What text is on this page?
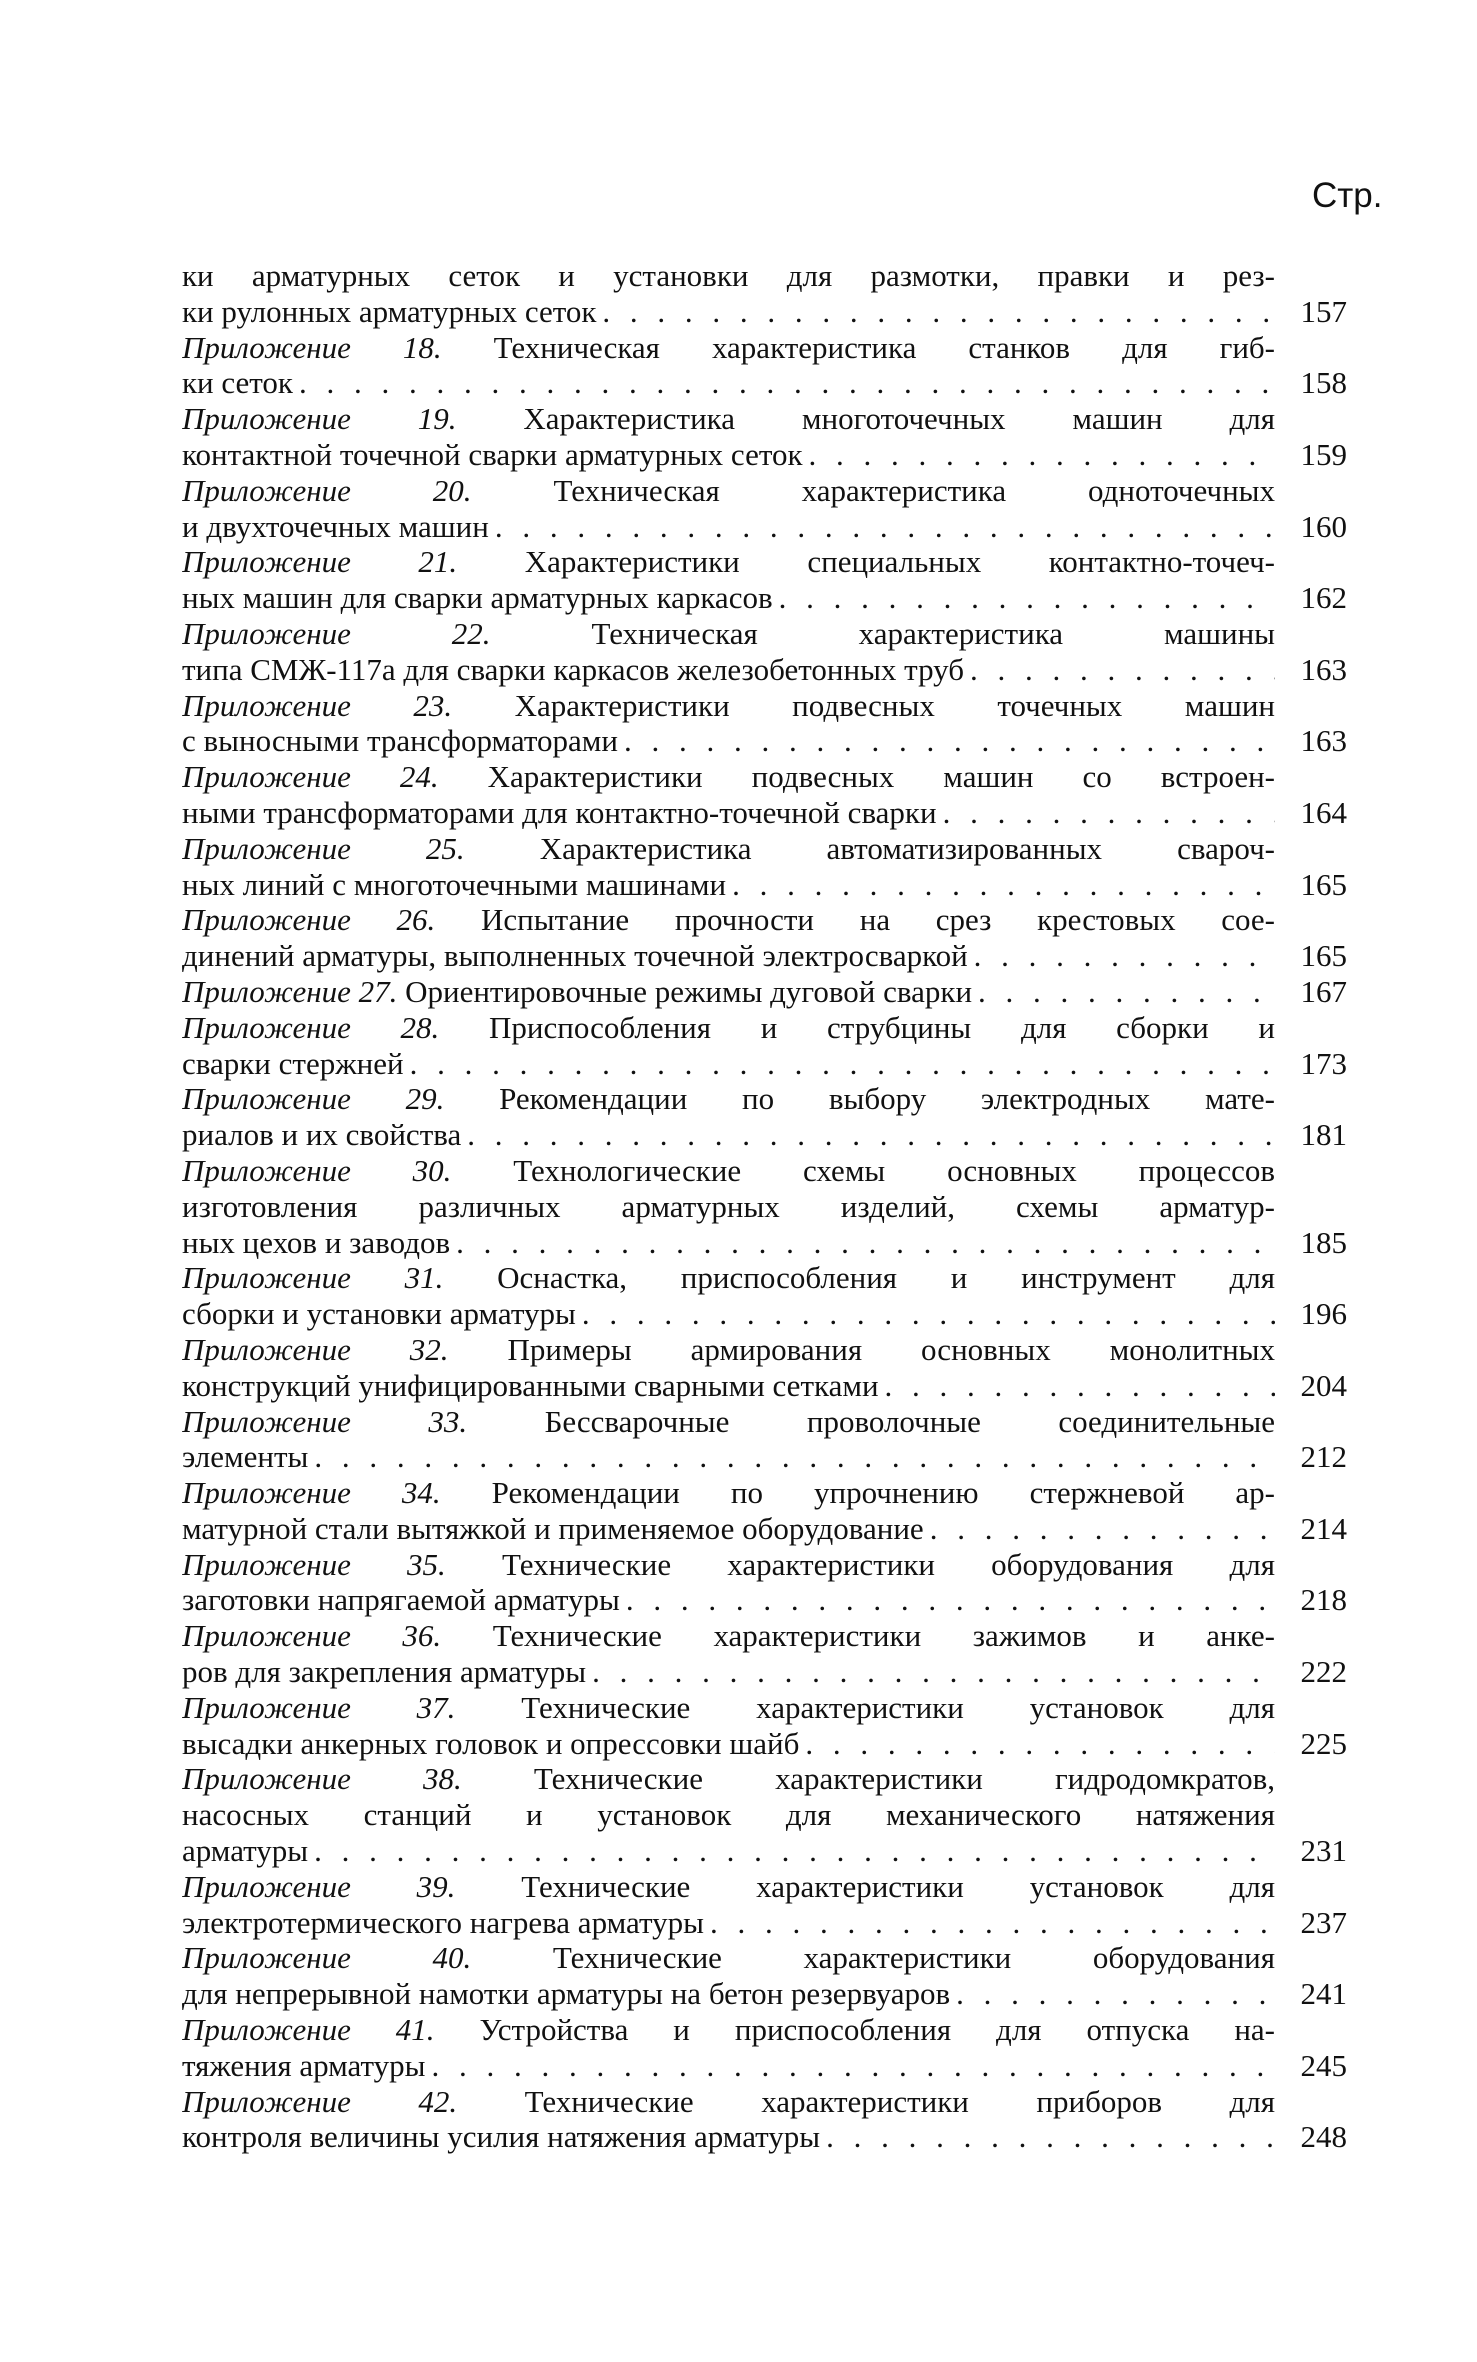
Стр.
ки арматурных сеток и установки для размотки, правки и рез-
ки рулонных арматурных сеток . . .	157
Приложение 18. Техническая характеристика станков для гиб-
ки сеток . . .	158
Приложение 19. Характеристика многоточечных машин для
контактной точечной сварки арматурных сеток . . .	159
Приложение 20.	Техническая характеристика одноточечных
и двухточечных машин . . .	160
Приложение 21. Характеристики специальных контактно-точеч-
ных машин для сварки арматурных каркасов . . .	162
Приложение 22.	Техническая характеристика машины
типа СМЖ-117а для сварки каркасов железобетонных труб . . .	163
Приложение 23. Характеристики подвесных точечных машин
с выносными трансформаторами . . .	163
Приложение 24. Характеристики подвесных машин со встроен-
ными трансформаторами для контактно-точечной сварки . . .	164
Приложение 25. Характеристика автоматизированных свароч-
ных линий с многоточечными машинами . . .	165
Приложение 26. Испытание прочности на срез крестовых сое-
динений арматуры, выполненных точечной электросваркой . . .	165
Приложение 27. Ориентировочные режимы дуговой сварки . . .	167
Приложение 28. Приспособления и струбцины для сборки и
сварки стержней . . .	173
Приложение 29. Рекомендации по выбору электродных мате-
риалов и их свойства . . .	181
Приложение 30. Технологические схемы основных процессов
изготовления различных арматурных изделий, схемы арматур-
ных цехов и заводов . . .	185
Приложение 31. Оснастка, приспособления и инструмент для
сборки и установки арматуры . . .	196
Приложение 32. Примеры армирования основных монолитных
конструкций унифицированными сварными сетками . . .	204
Приложение 33. Бессварочные проволочные соединительные
элементы . . .	212
Приложение 34. Рекомендации по упрочнению стержневой ар-
матурной стали вытяжкой и применяемое оборудование . . .	214
Приложение 35. Технические характеристики оборудования для
заготовки напрягаемой арматуры . . .	218
Приложение 36. Технические характеристики зажимов и анке-
ров для закрепления арматуры . . .	222
Приложение 37. Технические характеристики установок для
высадки анкерных головок и опрессовки шайб . . .	225
Приложение 38. Технические характеристики гидродомкратов,
насосных станций и установок для механического натяжения
арматуры . . .	231
Приложение 39. Технические характеристики установок для
электротермического нагрева арматуры . . .	237
Приложение 40.	Технические характеристики оборудования
для непрерывной намотки арматуры на бетон резервуаров . . .	241
Приложение 41. Устройства и приспособления для отпуска на-
тяжения арматуры . . .	245
Приложение 42. Технические характеристики приборов для
контроля величины усилия натяжения арматуры . . .	248
